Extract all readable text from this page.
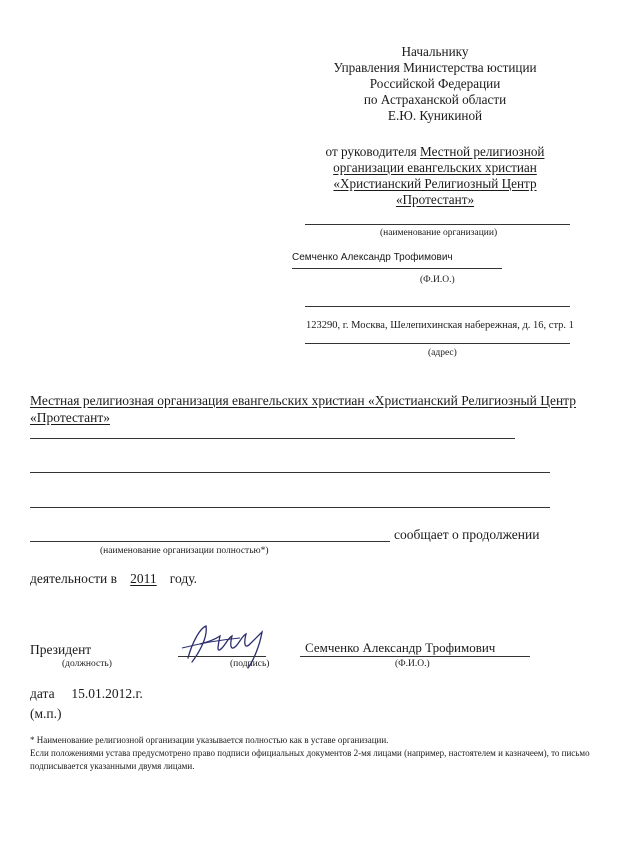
Начальнику
Управления Министерства юстиции
Российской Федерации
по Астраханской области
Е.Ю. Куникиной
от руководителя Местной религиозной
организации евангельских христиан
«Христианский Религиозный Центр
«Протестант»
(наименование организации)
Семченко Александр Трофимович
(Ф.И.О.)
123290, г. Москва, Шелепихинская набережная, д. 16, стр. 1
(адрес)
Местная религиозная организация евангельских христиан «Христианский Религиозный Центр «Протестант»
сообщает о продолжении
(наименование организации полностью*)
деятельности в 2011 году.
Президент
(должность)	(подпись)
Семченко Александр Трофимович
(Ф.И.О.)
дата 15.01.2012.г.
(м.п.)
* Наименование религиозной организации указывается полностью как в уставе организации.
Если положениями устава предусмотрено право подписи официальных документов 2-мя лицами (например, настоятелем и казначеем), то письмо подписывается указанными двумя лицами.
